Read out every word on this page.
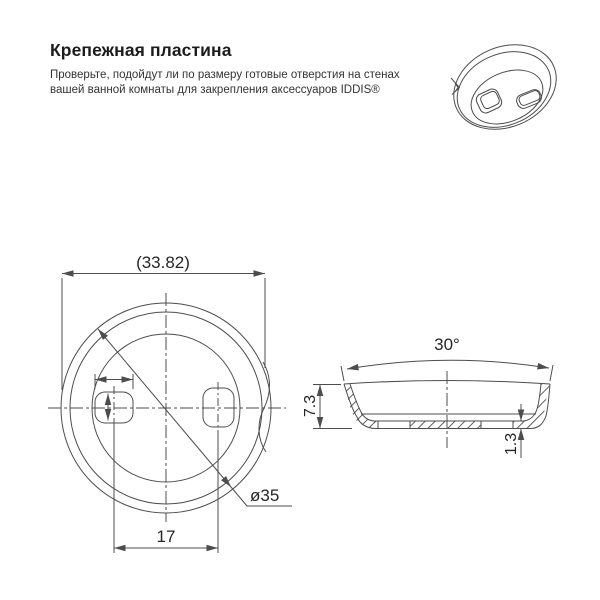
Крепежная пластина

Проверьте, подойдут ли по размеру готовые отверстия на стенах
вашей ванной комнаты для закрепления аксессуаров IDDIS®

(33.82)
ø35
17
30°
7.3
1.3
